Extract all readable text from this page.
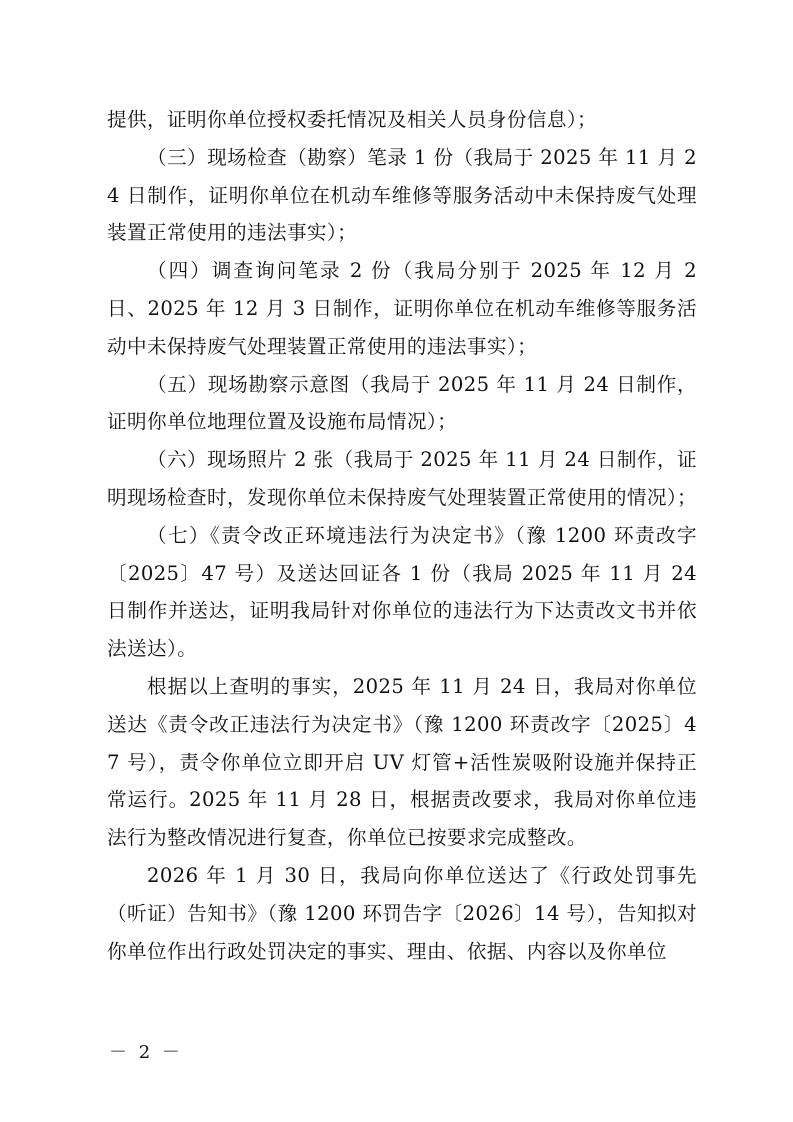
提供，证明你单位授权委托情况及相关人员身份信息）；

（三）现场检查（勘察）笔录 1 份（我局于 2025 年 11 月 24 日制作，证明你单位在机动车维修等服务活动中未保持废气处理装置正常使用的违法事实）；

（四）调查询问笔录 2 份（我局分别于 2025 年 12 月 2 日、2025 年 12 月 3 日制作，证明你单位在机动车维修等服务活动中未保持废气处理装置正常使用的违法事实）；

（五）现场勘察示意图（我局于 2025 年 11 月 24 日制作，证明你单位地理位置及设施布局情况）；

（六）现场照片 2 张（我局于 2025 年 11 月 24 日制作，证明现场检查时，发现你单位未保持废气处理装置正常使用的情况）；

（七）《责令改正环境违法行为决定书》（豫 1200 环责改字〔2025〕47 号）及送达回证各 1 份（我局 2025 年 11 月 24 日制作并送达，证明我局针对你单位的违法行为下达责改文书并依法送达）。

根据以上查明的事实，2025 年 11 月 24 日，我局对你单位送达《责令改正违法行为决定书》（豫 1200 环责改字〔2025〕47 号），责令你单位立即开启 UV 灯管+活性炭吸附设施并保持正常运行。2025 年 11 月 28 日，根据责改要求，我局对你单位违法行为整改情况进行复查，你单位已按要求完成整改。

2026 年 1 月 30 日，我局向你单位送达了《行政处罚事先（听证）告知书》（豫 1200 环罚告字〔2026〕14 号），告知拟对你单位作出行政处罚决定的事实、理由、依据、内容以及你单位

－ 2 －
